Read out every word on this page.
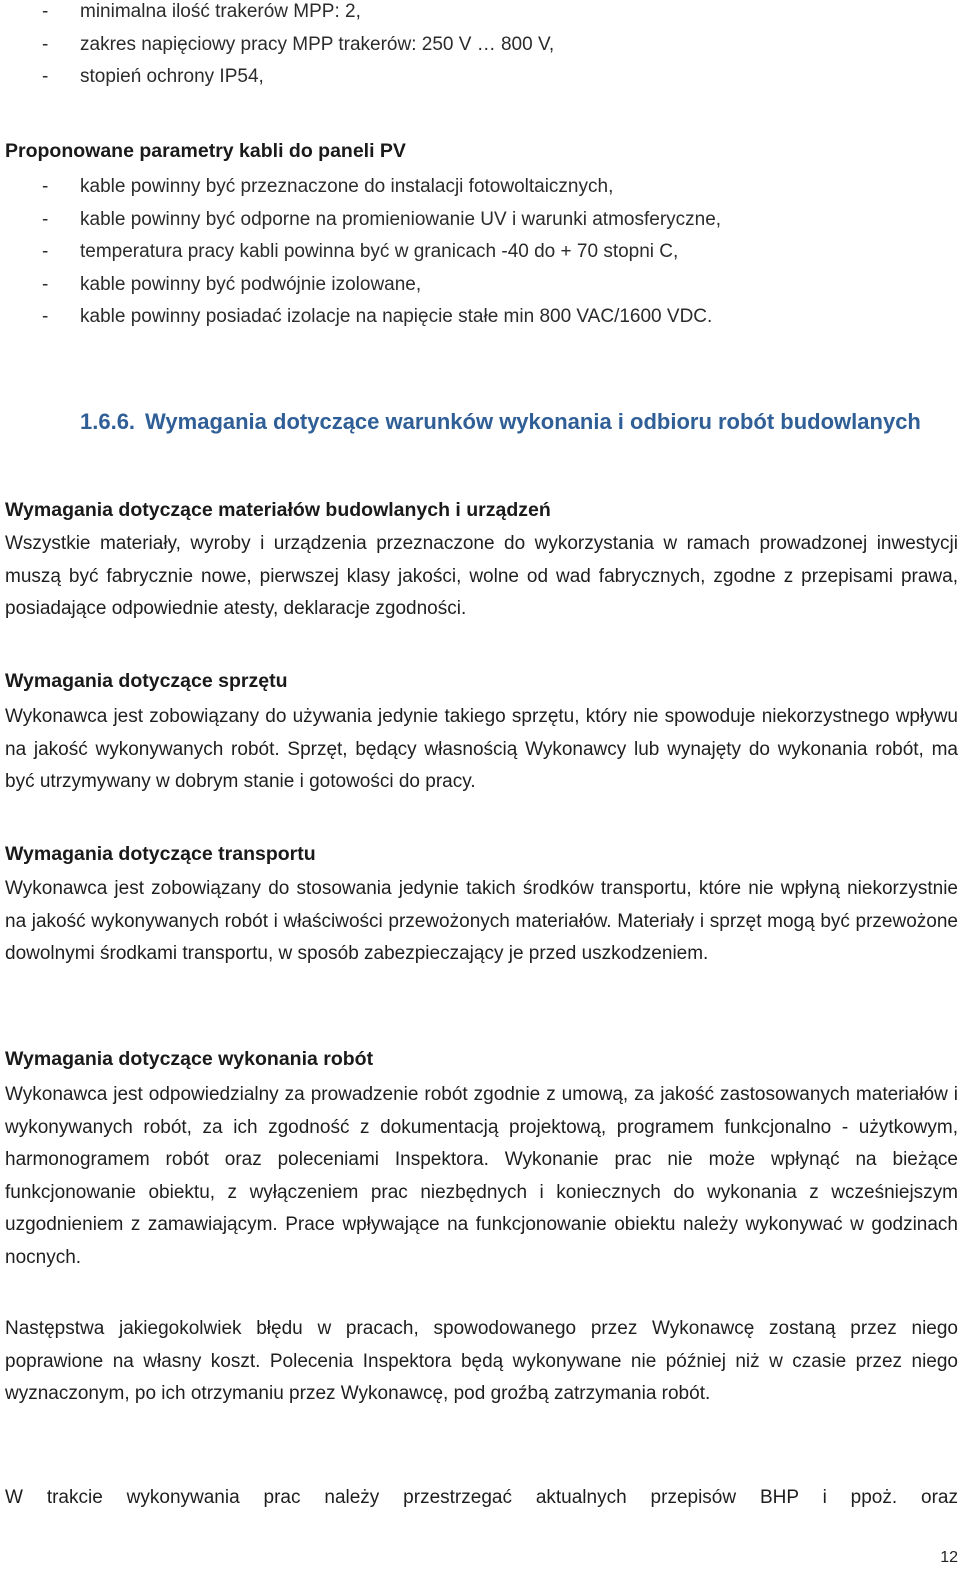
- minimalna ilość trakerów MPP: 2,
- zakres napięciowy pracy MPP trakerów: 250 V … 800 V,
- stopień ochrony IP54,
Proponowane parametry kabli do paneli PV
- kable powinny być przeznaczone do instalacji fotowoltaicznych,
- kable powinny być odporne na promieniowanie UV i warunki atmosferyczne,
- temperatura pracy kabli powinna być w granicach -40 do + 70 stopni C,
- kable powinny być podwójnie izolowane,
- kable powinny posiadać izolacje na napięcie stałe min 800 VAC/1600 VDC.
1.6.6. Wymagania dotyczące warunków wykonania i odbioru robót budowlanych
Wymagania dotyczące materiałów budowlanych i urządzeń

Wszystkie materiały, wyroby i urządzenia przeznaczone do wykorzystania w ramach prowadzonej inwestycji muszą być fabrycznie nowe, pierwszej klasy jakości, wolne od wad fabrycznych, zgodne z przepisami prawa, posiadające odpowiednie atesty, deklaracje zgodności.

Wymagania dotyczące sprzętu

Wykonawca jest zobowiązany do używania jedynie takiego sprzętu, który nie spowoduje niekorzystnego wpływu na jakość wykonywanych robót. Sprzęt, będący własnością Wykonawcy lub wynajęty do wykonania robót, ma być utrzymywany w dobrym stanie i gotowości do pracy.

Wymagania dotyczące transportu

Wykonawca jest zobowiązany do stosowania jedynie takich środków transportu, które nie wpłyną niekorzystnie na jakość wykonywanych robót i właściwości przewożonych materiałów. Materiały i sprzęt mogą być przewożone dowolnymi środkami transportu, w sposób zabezpieczający je przed uszkodzeniem.

Wymagania dotyczące wykonania robót

Wykonawca jest odpowiedzialny za prowadzenie robót zgodnie z umową, za jakość zastosowanych materiałów i wykonywanych robót, za ich zgodność z dokumentacją projektową, programem funkcjonalno - użytkowym, harmonogramem robót oraz poleceniami Inspektora. Wykonanie prac nie może wpłynąć na bieżące funkcjonowanie obiektu, z wyłączeniem prac niezbędnych i koniecznych do wykonania z wcześniejszym uzgodnieniem z zamawiającym. Prace wpływające na funkcjonowanie obiektu należy wykonywać w godzinach nocnych.

Następstwa jakiegokolwiek błędu w pracach, spowodowanego przez Wykonawcę zostaną przez niego poprawione na własny koszt. Polecenia Inspektora będą wykonywane nie później niż w czasie przez niego wyznaczonym, po ich otrzymaniu przez Wykonawcę, pod groźbą zatrzymania robót.

W trakcie wykonywania prac należy przestrzegać aktualnych przepisów BHP i ppoż. oraz

12
